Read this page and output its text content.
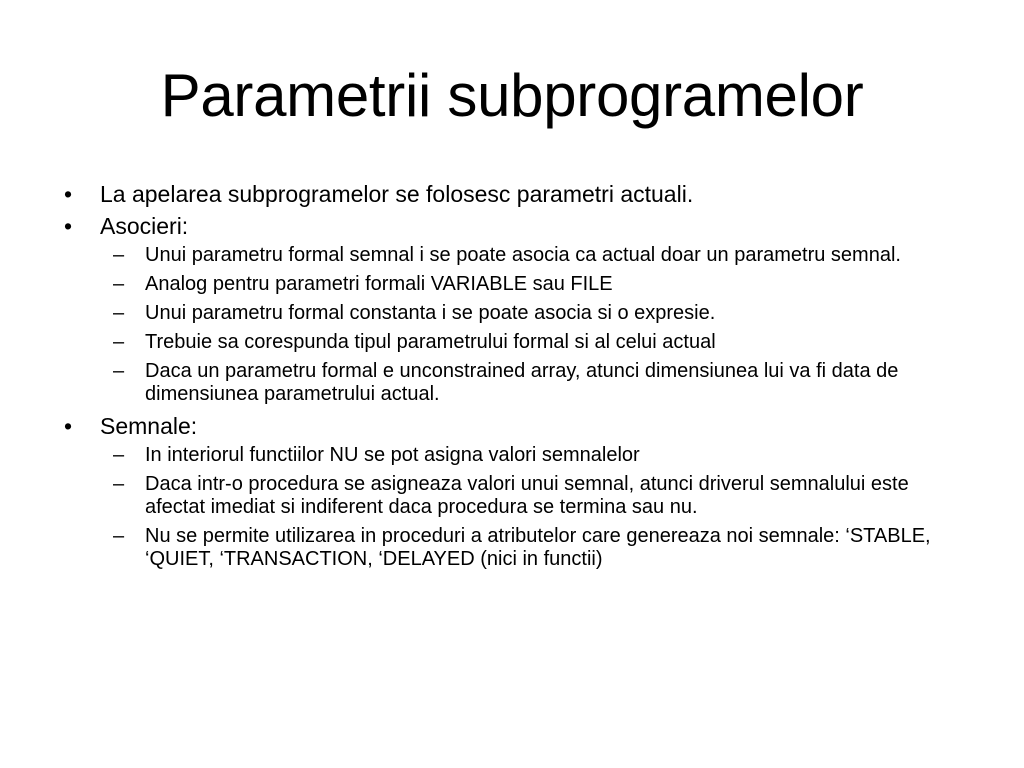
Parametrii subprogramelor

• La apelarea subprogramelor se folosesc parametri actuali.

• Asocieri:

– Unui parametru formal semnal i se poate asocia ca actual doar un parametru semnal.

– Analog pentru parametri formali VARIABLE sau FILE

– Unui parametru formal constanta i se poate asocia si o expresie.

– Trebuie sa corespunda tipul parametrului formal si al celui actual

– Daca un parametru formal e unconstrained array, atunci dimensiunea lui va fi data de dimensiunea parametrului actual.

• Semnale:

– In interiorul functiilor NU se pot asigna valori semnalelor

– Daca intr-o procedura se asigneaza valori unui semnal, atunci driverul semnalului este afectat imediat si indiferent daca procedura se termina sau nu.

– Nu se permite utilizarea in proceduri a atributelor care genereaza noi semnale: ‘STABLE, ‘QUIET, ‘TRANSACTION, ‘DELAYED (nici in functii)
